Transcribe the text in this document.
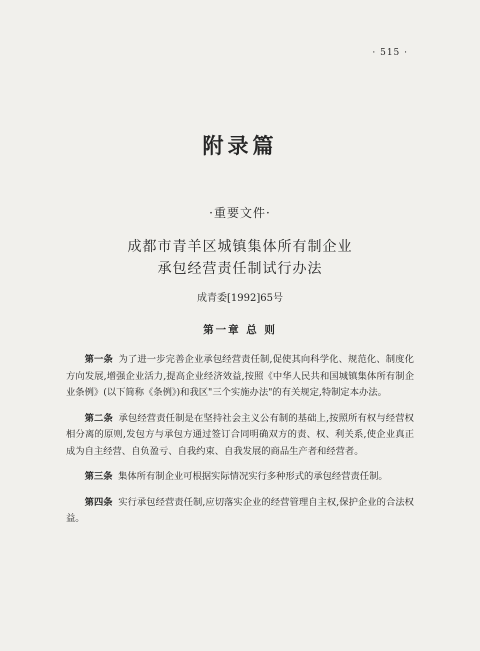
· 515 ·
附录篇
·重要文件·
成都市青羊区城镇集体所有制企业
承包经营责任制试行办法
成青委[1992]65号
第一章 总 则

第一条 为了进一步完善企业承包经营责任制,促使其向科学化、规范化、制度化方向发展,增强企业活力,提高企业经济效益,按照《中华人民共和国城镇集体所有制企业条例》(以下简称《条例》)和我区"三个实施办法"的有关规定,特制定本办法。

第二条 承包经营责任制是在坚持社会主义公有制的基础上,按照所有权与经营权相分离的原则,发包方与承包方通过签订合同明确双方的责、权、利关系,使企业真正成为自主经营、自负盈亏、自我约束、自我发展的商品生产者和经营者。

第三条 集体所有制企业可根据实际情况实行多种形式的承包经营责任制。

第四条 实行承包经营责任制,应切落实企业的经营管理自主权,保护企业的合法权益。
